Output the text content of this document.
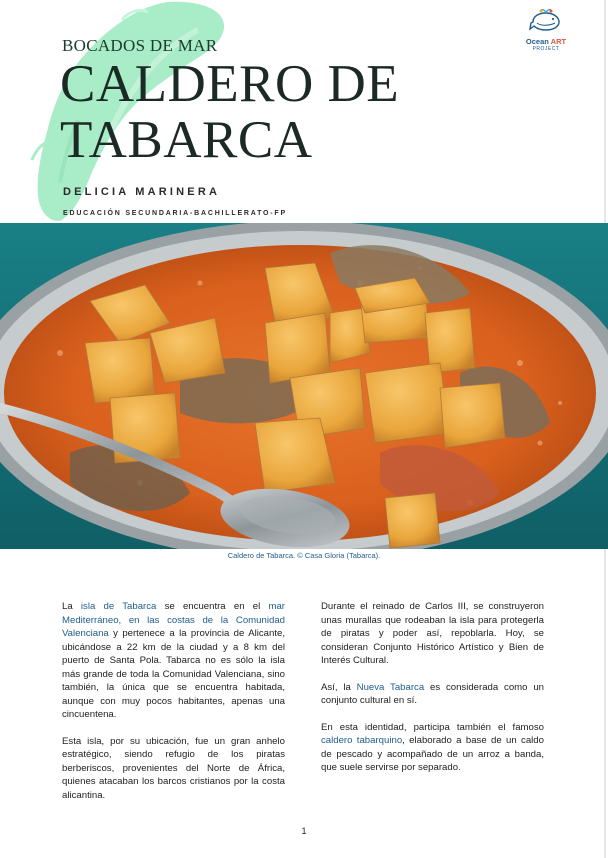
Ocean ART
PROJECT
BOCADOS DE MAR
CALDERO DE
TABARCA
DELICIA MARINERA
EDUCACIÓN SECUNDARIA-BACHILLERATO-FP
Caldero de Tabarca. © Casa Gloria (Tabarca).

La isla de Tabarca se encuentra en el mar Mediterráneo, en las costas de la Comunidad Valenciana y pertenece a la provincia de Alicante, ubicándose a 22 km de la ciudad y a 8 km del puerto de Santa Pola. Tabarca no es sólo la isla más grande de toda la Comunidad Valenciana, sino también, la única que se encuentra habitada, aunque con muy pocos habitantes, apenas una cincuentena.

Esta isla, por su ubicación, fue un gran anhelo estratégico, siendo refugio de los piratas berberiscos, provenientes del Norte de África, quienes atacaban los barcos cristianos por la costa alicantina.

Durante el reinado de Carlos III, se construyeron unas murallas que rodeaban la isla para protegerla de piratas y poder así, repoblarla. Hoy, se consideran Conjunto Histórico Artístico y Bien de Interés Cultural.

Así, la Nueva Tabarca es considerada como un conjunto cultural en sí.

En esta identidad, participa también el famoso caldero tabarquino, elaborado a base de un caldo de pescado y acompañado de un arroz a banda, que suele servirse por separado.

1
